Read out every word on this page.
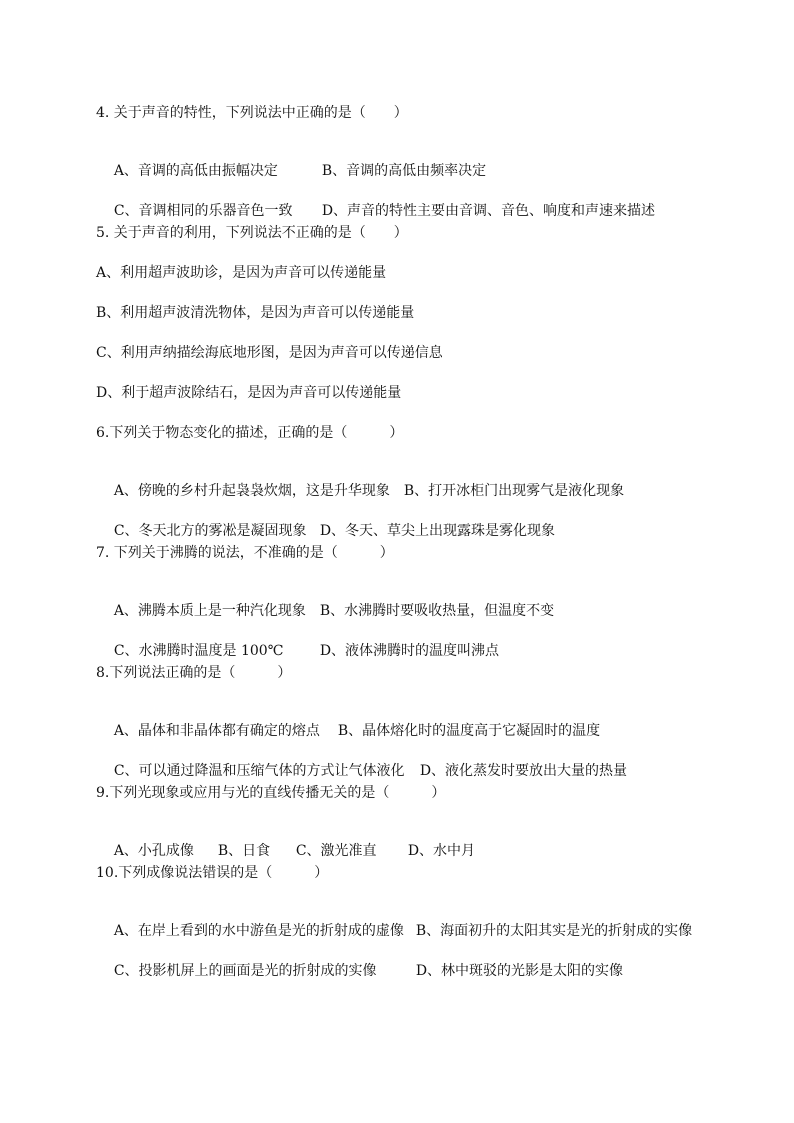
4. 关于声音的特性，下列说法中正确的是（　　）

A、音调的高低由振幅决定	B、音调的高低由频率决定

C、音调相同的乐器音色一致 D、声音的特性主要由音调、音色、响度和声速来描述

5. 关于声音的利用，下列说法不正确的是（　　）
A、利用超声波助诊，是因为声音可以传递能量
B、利用超声波清洗物体，是因为声音可以传递能量
C、利用声纳描绘海底地形图，是因为声音可以传递信息
D、利于超声波除结石，是因为声音可以传递能量
6.下列关于物态变化的描述，正确的是（　　　）

A、傍晚的乡村升起袅袅炊烟，这是升华现象 B、打开冰柜门出现雾气是液化现象

C、冬天北方的雾凇是凝固现象 D、冬天、草尖上出现露珠是雾化现象

7. 下列关于沸腾的说法，不准确的是（　　　）

A、沸腾本质上是一种汽化现象 B、水沸腾时要吸收热量，但温度不变

C、水沸腾时温度是 100℃	D、液体沸腾时的温度叫沸点

8.下列说法正确的是（　　　）

A、晶体和非晶体都有确定的熔点 B、晶体熔化时的温度高于它凝固时的温度

C、可以通过降温和压缩气体的方式让气体液化 D、液化蒸发时要放出大量的热量

9.下列光现象或应用与光的直线传播无关的是（　　　）

A、小孔成像 B、日食 C、激光准直 D、水中月

10.下列成像说法错误的是（　　　）

A、在岸上看到的水中游鱼是光的折射成的虚像 B、海面初升的太阳其实是光的折射成的实像

C、投影机屏上的画面是光的折射成的实像	D、林中斑驳的光影是太阳的实像
